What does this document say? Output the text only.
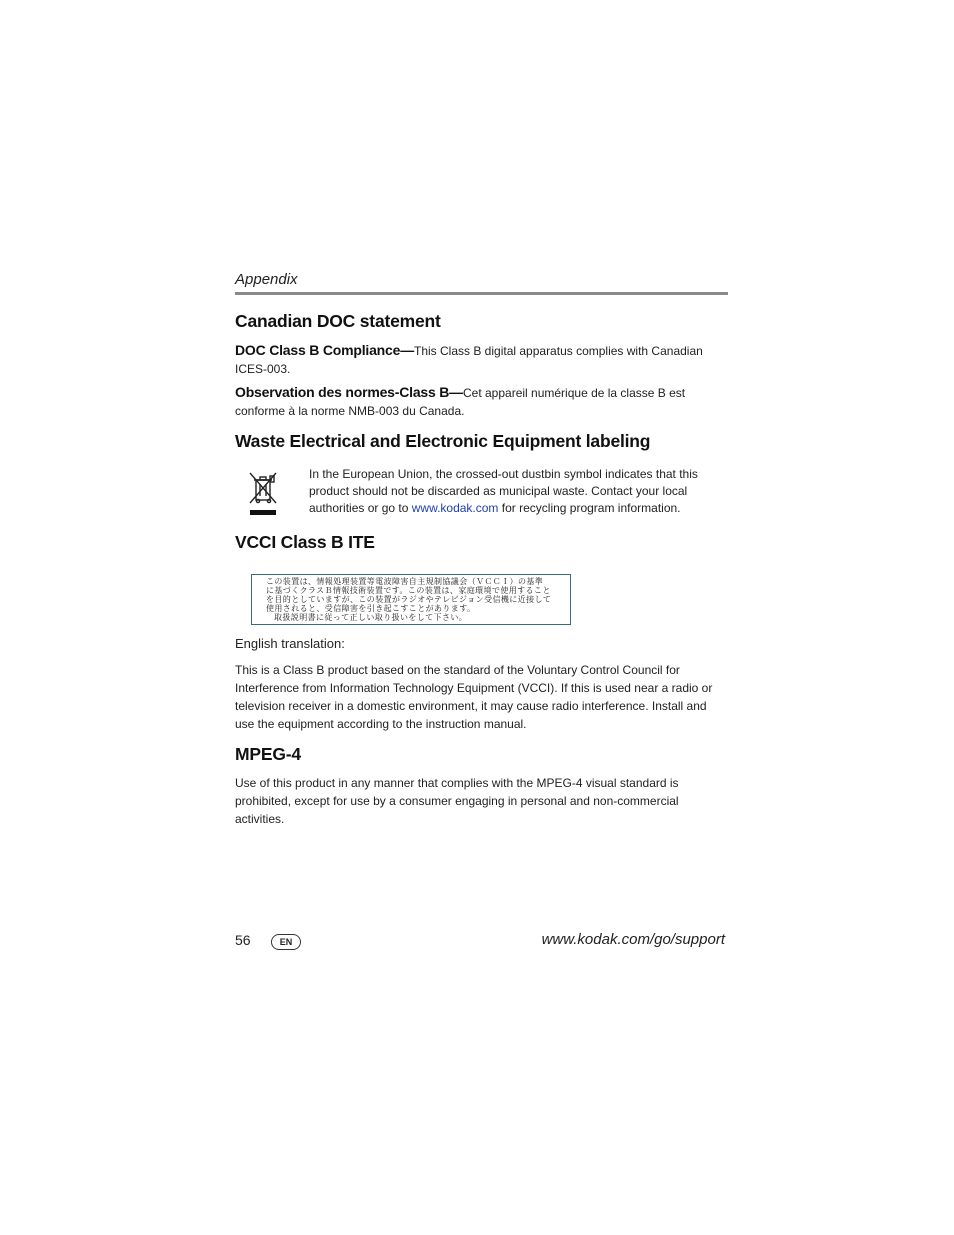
Appendix
Canadian DOC statement

DOC Class B Compliance—This Class B digital apparatus complies with Canadian ICES-003.

Observation des normes-Class B—Cet appareil numérique de la classe B est conforme à la norme NMB-003 du Canada.

Waste Electrical and Electronic Equipment labeling
In the European Union, the crossed-out dustbin symbol indicates that this product should not be discarded as municipal waste. Contact your local authorities or go to www.kodak.com for recycling program information.
VCCI Class B ITE
この装置は、情報処理装置等電波障害自主規制協議会（ＶＣＣＩ）の基準
に基づくクラスＢ情報技術装置です。この装置は、家庭環境で使用すること
を目的としていますが、この装置がラジオやテレビジョン受信機に近接して
使用されると、受信障害を引き起こすことがあります。
取扱説明書に従って正しい取り扱いをして下さい。

English translation:

This is a Class B product based on the standard of the Voluntary Control Council for Interference from Information Technology Equipment (VCCI). If this is used near a radio or television receiver in a domestic environment, it may cause radio interference. Install and use the equipment according to the instruction manual.

MPEG-4

Use of this product in any manner that complies with the MPEG-4 visual standard is prohibited, except for use by a consumer engaging in personal and non-commercial activities.

56	EN	www.kodak.com/go/support
